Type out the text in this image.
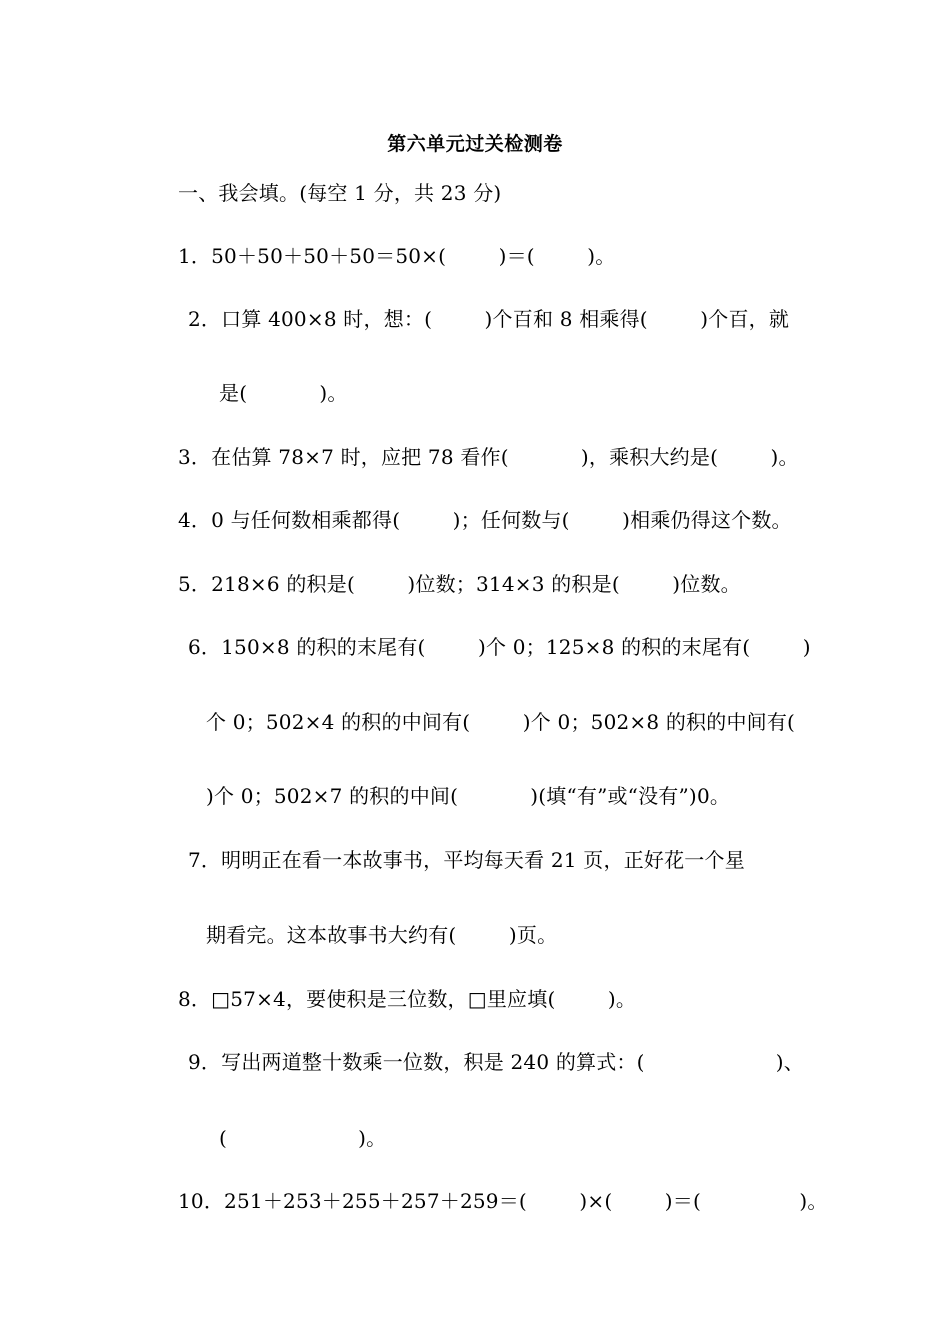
第六单元过关检测卷
一、我会填。(每空 1 分，共 23 分)
1．50＋50＋50＋50＝50×(        )＝(        )。
2．口算 400×8 时，想：(        )个百和 8 相乘得(        )个百，就
是(           )。
3．在估算 78×7 时，应把 78 看作(           )，乘积大约是(        )。
4．0 与任何数相乘都得(        )；任何数与(        )相乘仍得这个数。
5．218×6 的积是(        )位数；314×3 的积是(        )位数。
6．150×8 的积的末尾有(        )个 0；125×8 的积的末尾有(        )
个 0；502×4 的积的中间有(        )个 0；502×8 的积的中间有(
)个 0；502×7 的积的中间(           )(填“有”或“没有”)0。
7．明明正在看一本故事书，平均每天看 21 页，正好花一个星
期看完。这本故事书大约有(        )页。
8．□57×4，要使积是三位数，□里应填(        )。
9．写出两道整十数乘一位数，积是 240 的算式：(                    )、
(                    )。
10．251＋253＋255＋257＋259＝(        )×(        )＝(               )。
